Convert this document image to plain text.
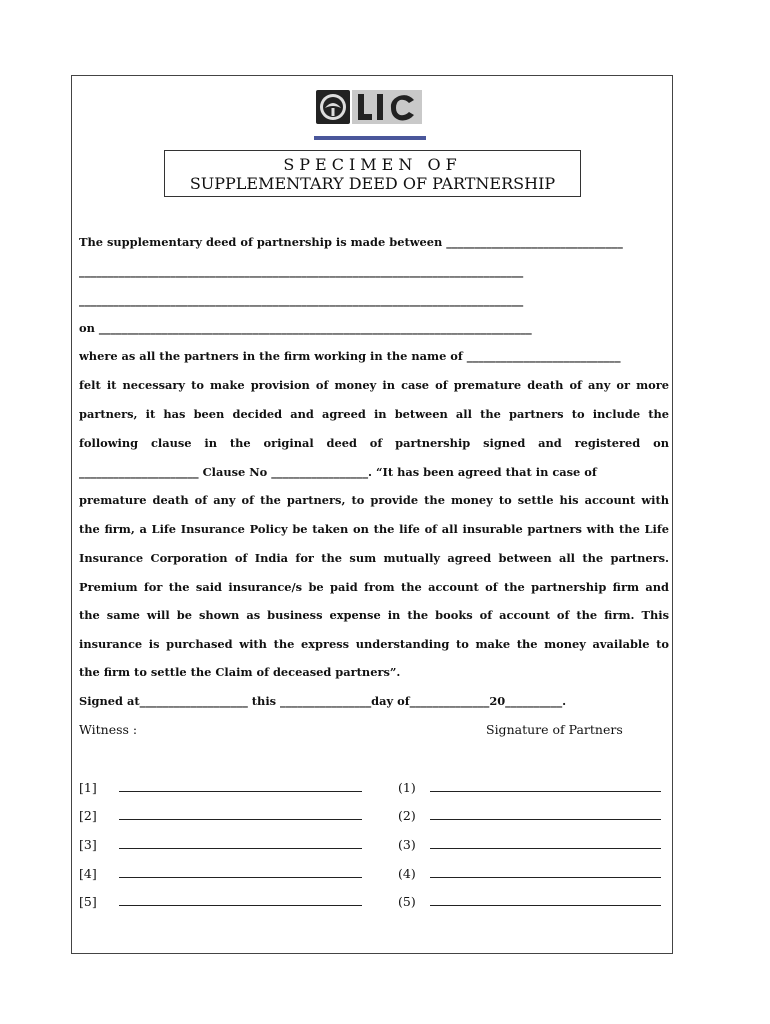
SPECIMEN OF
SUPPLEMENTARY DEED OF PARTNERSHIP
The supplementary deed of partnership is made between _______________________________
______________________________________________________________________________
______________________________________________________________________________
on ____________________________________________________________________________
where as all the partners in the firm working in the name of ___________________________
felt it necessary to make provision of money in case of premature death of any or more
partners, it has been decided and agreed in between all the partners to include the
following clause in the original deed of partnership signed and registered on
_____________________ Clause No _________________. “It has been agreed that in case of
premature death of any of the partners, to provide the money to settle his account with
the firm, a Life Insurance Policy be taken on the life of all insurable partners with the Life
Insurance Corporation of India for the sum mutually agreed between all the partners.
Premium for the said insurance/s be paid from the account of the partnership firm and
the same will be shown as business expense in the books of account of the firm. This
insurance is purchased with the express understanding to make the money available to
the firm to settle the Claim of deceased partners”.
Signed at___________________ this ________________day of______________20__________.
Witness :	Signature of Partners
[1]
[2]
[3]
[4]
[5]
(1)
(2)
(3)
(4)
(5)
